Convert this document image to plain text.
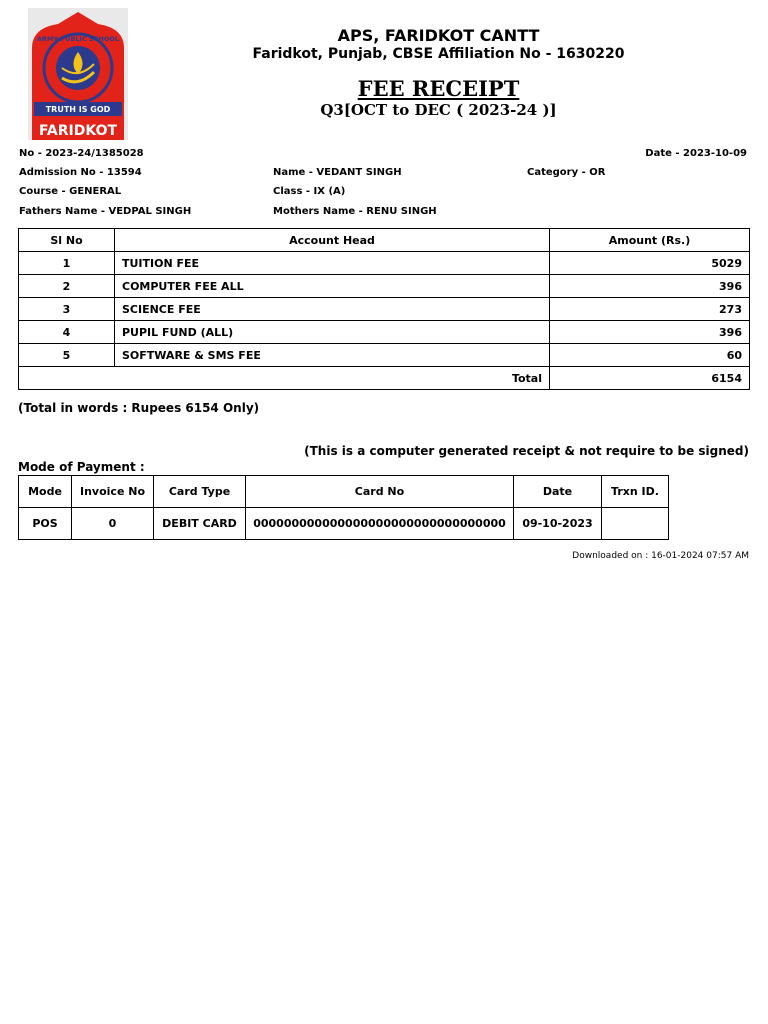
ARMY PUBLIC SCHOOL
TRUTH IS GOD
FARIDKOT
APS, FARIDKOT CANTT
Faridkot, Punjab, CBSE Affiliation No - 1630220
FEE RECEIPT
Q3[OCT to DEC ( 2023-24 )]
No - 2023-24/1385028	Date - 2023-10-09
Admission No - 13594	Name - VEDANT SINGH	Category - OR
Course - GENERAL	Class - IX (A)
Fathers Name - VEDPAL SINGH	Mothers Name - RENU SINGH
Sl No	Account Head	Amount (Rs.)
1	TUITION FEE	5029
2	COMPUTER FEE ALL	396
3	SCIENCE FEE	273
4	PUPIL FUND (ALL)	396
5	SOFTWARE & SMS FEE	60
Total		6154
(Total in words : Rupees 6154 Only)
(This is a computer generated receipt & not require to be signed)
Mode of Payment :
Mode	Invoice No	Card Type	Card No	Date	Trxn ID.
POS	0	DEBIT CARD	000000000000000000000000000000000	09-10-2023	
Downloaded on : 16-01-2024 07:57 AM
